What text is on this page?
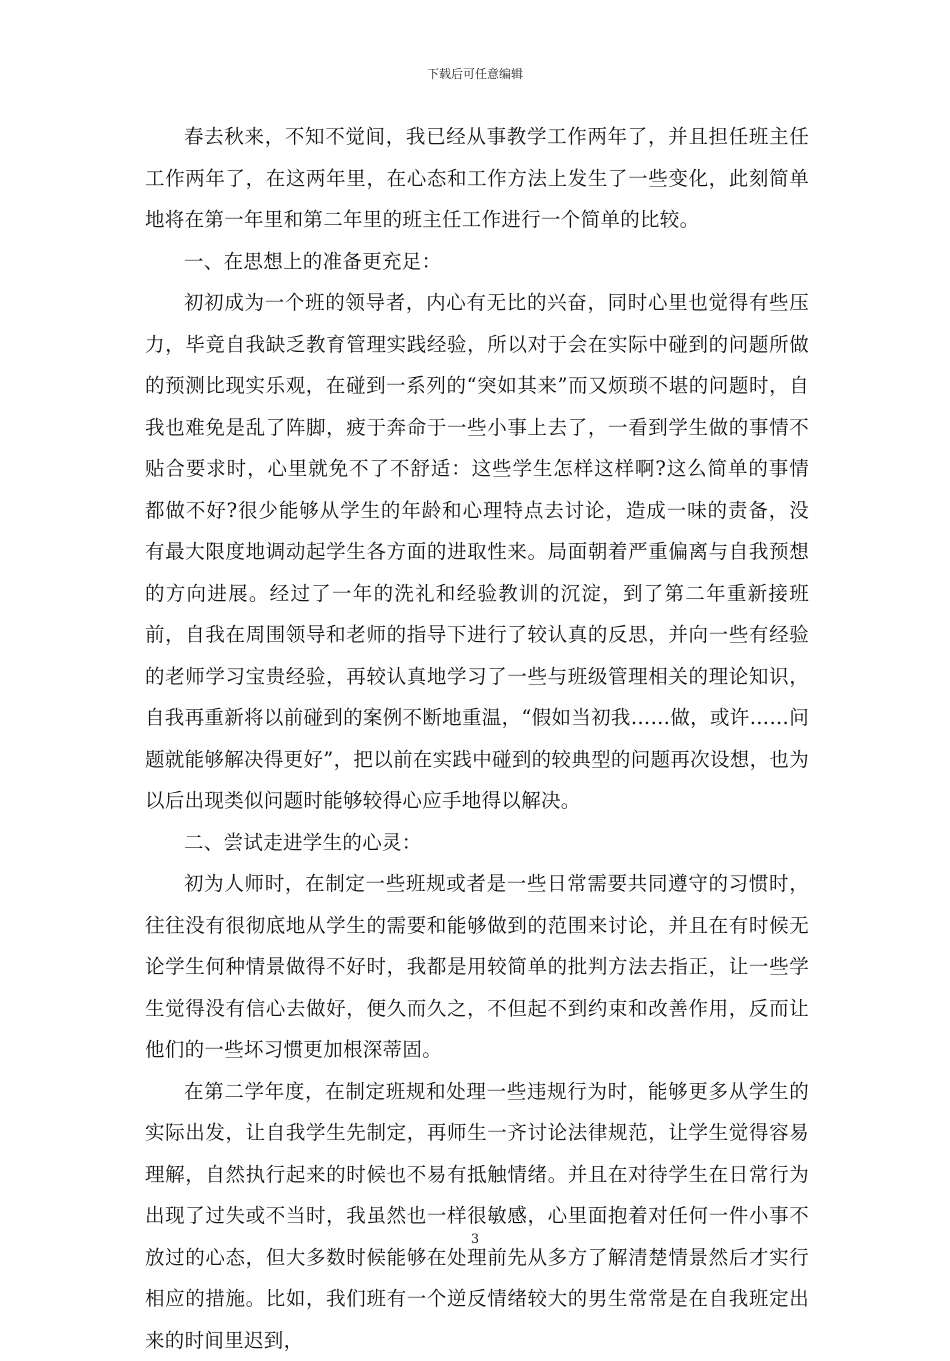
下载后可任意编辑

春去秋来，不知不觉间，我已经从事教学工作两年了，并且担任班主任工作两年了，在这两年里，在心态和工作方法上发生了一些变化，此刻简单地将在第一年里和第二年里的班主任工作进行一个简单的比较。

一、在思想上的准备更充足：

初初成为一个班的领导者，内心有无比的兴奋，同时心里也觉得有些压力，毕竟自我缺乏教育管理实践经验，所以对于会在实际中碰到的问题所做的预测比现实乐观，在碰到一系列的“突如其来”而又烦琐不堪的问题时，自我也难免是乱了阵脚，疲于奔命于一些小事上去了，一看到学生做的事情不贴合要求时，心里就免不了不舒适：这些学生怎样这样啊?这么简单的事情都做不好?很少能够从学生的年龄和心理特点去讨论，造成一味的责备，没有最大限度地调动起学生各方面的进取性来。局面朝着严重偏离与自我预想的方向进展。经过了一年的洗礼和经验教训的沉淀，到了第二年重新接班前，自我在周围领导和老师的指导下进行了较认真的反思，并向一些有经验的老师学习宝贵经验，再较认真地学习了一些与班级管理相关的理论知识，自我再重新将以前碰到的案例不断地重温，“假如当初我……做，或许……问题就能够解决得更好”，把以前在实践中碰到的较典型的问题再次设想，也为以后出现类似问题时能够较得心应手地得以解决。

二、尝试走进学生的心灵：

初为人师时，在制定一些班规或者是一些日常需要共同遵守的习惯时，往往没有很彻底地从学生的需要和能够做到的范围来讨论，并且在有时候无论学生何种情景做得不好时，我都是用较简单的批判方法去指正，让一些学生觉得没有信心去做好，便久而久之，不但起不到约束和改善作用，反而让他们的一些坏习惯更加根深蒂固。

在第二学年度，在制定班规和处理一些违规行为时，能够更多从学生的实际出发，让自我学生先制定，再师生一齐讨论法律规范，让学生觉得容易理解，自然执行起来的时候也不易有抵触情绪。并且在对待学生在日常行为出现了过失或不当时，我虽然也一样很敏感，心里面抱着对任何一件小事不放过的心态，但大多数时候能够在处理前先从多方了解清楚情景然后才实行相应的措施。比如，我们班有一个逆反情绪较大的男生常常是在自我班定出来的时间里迟到，

3
